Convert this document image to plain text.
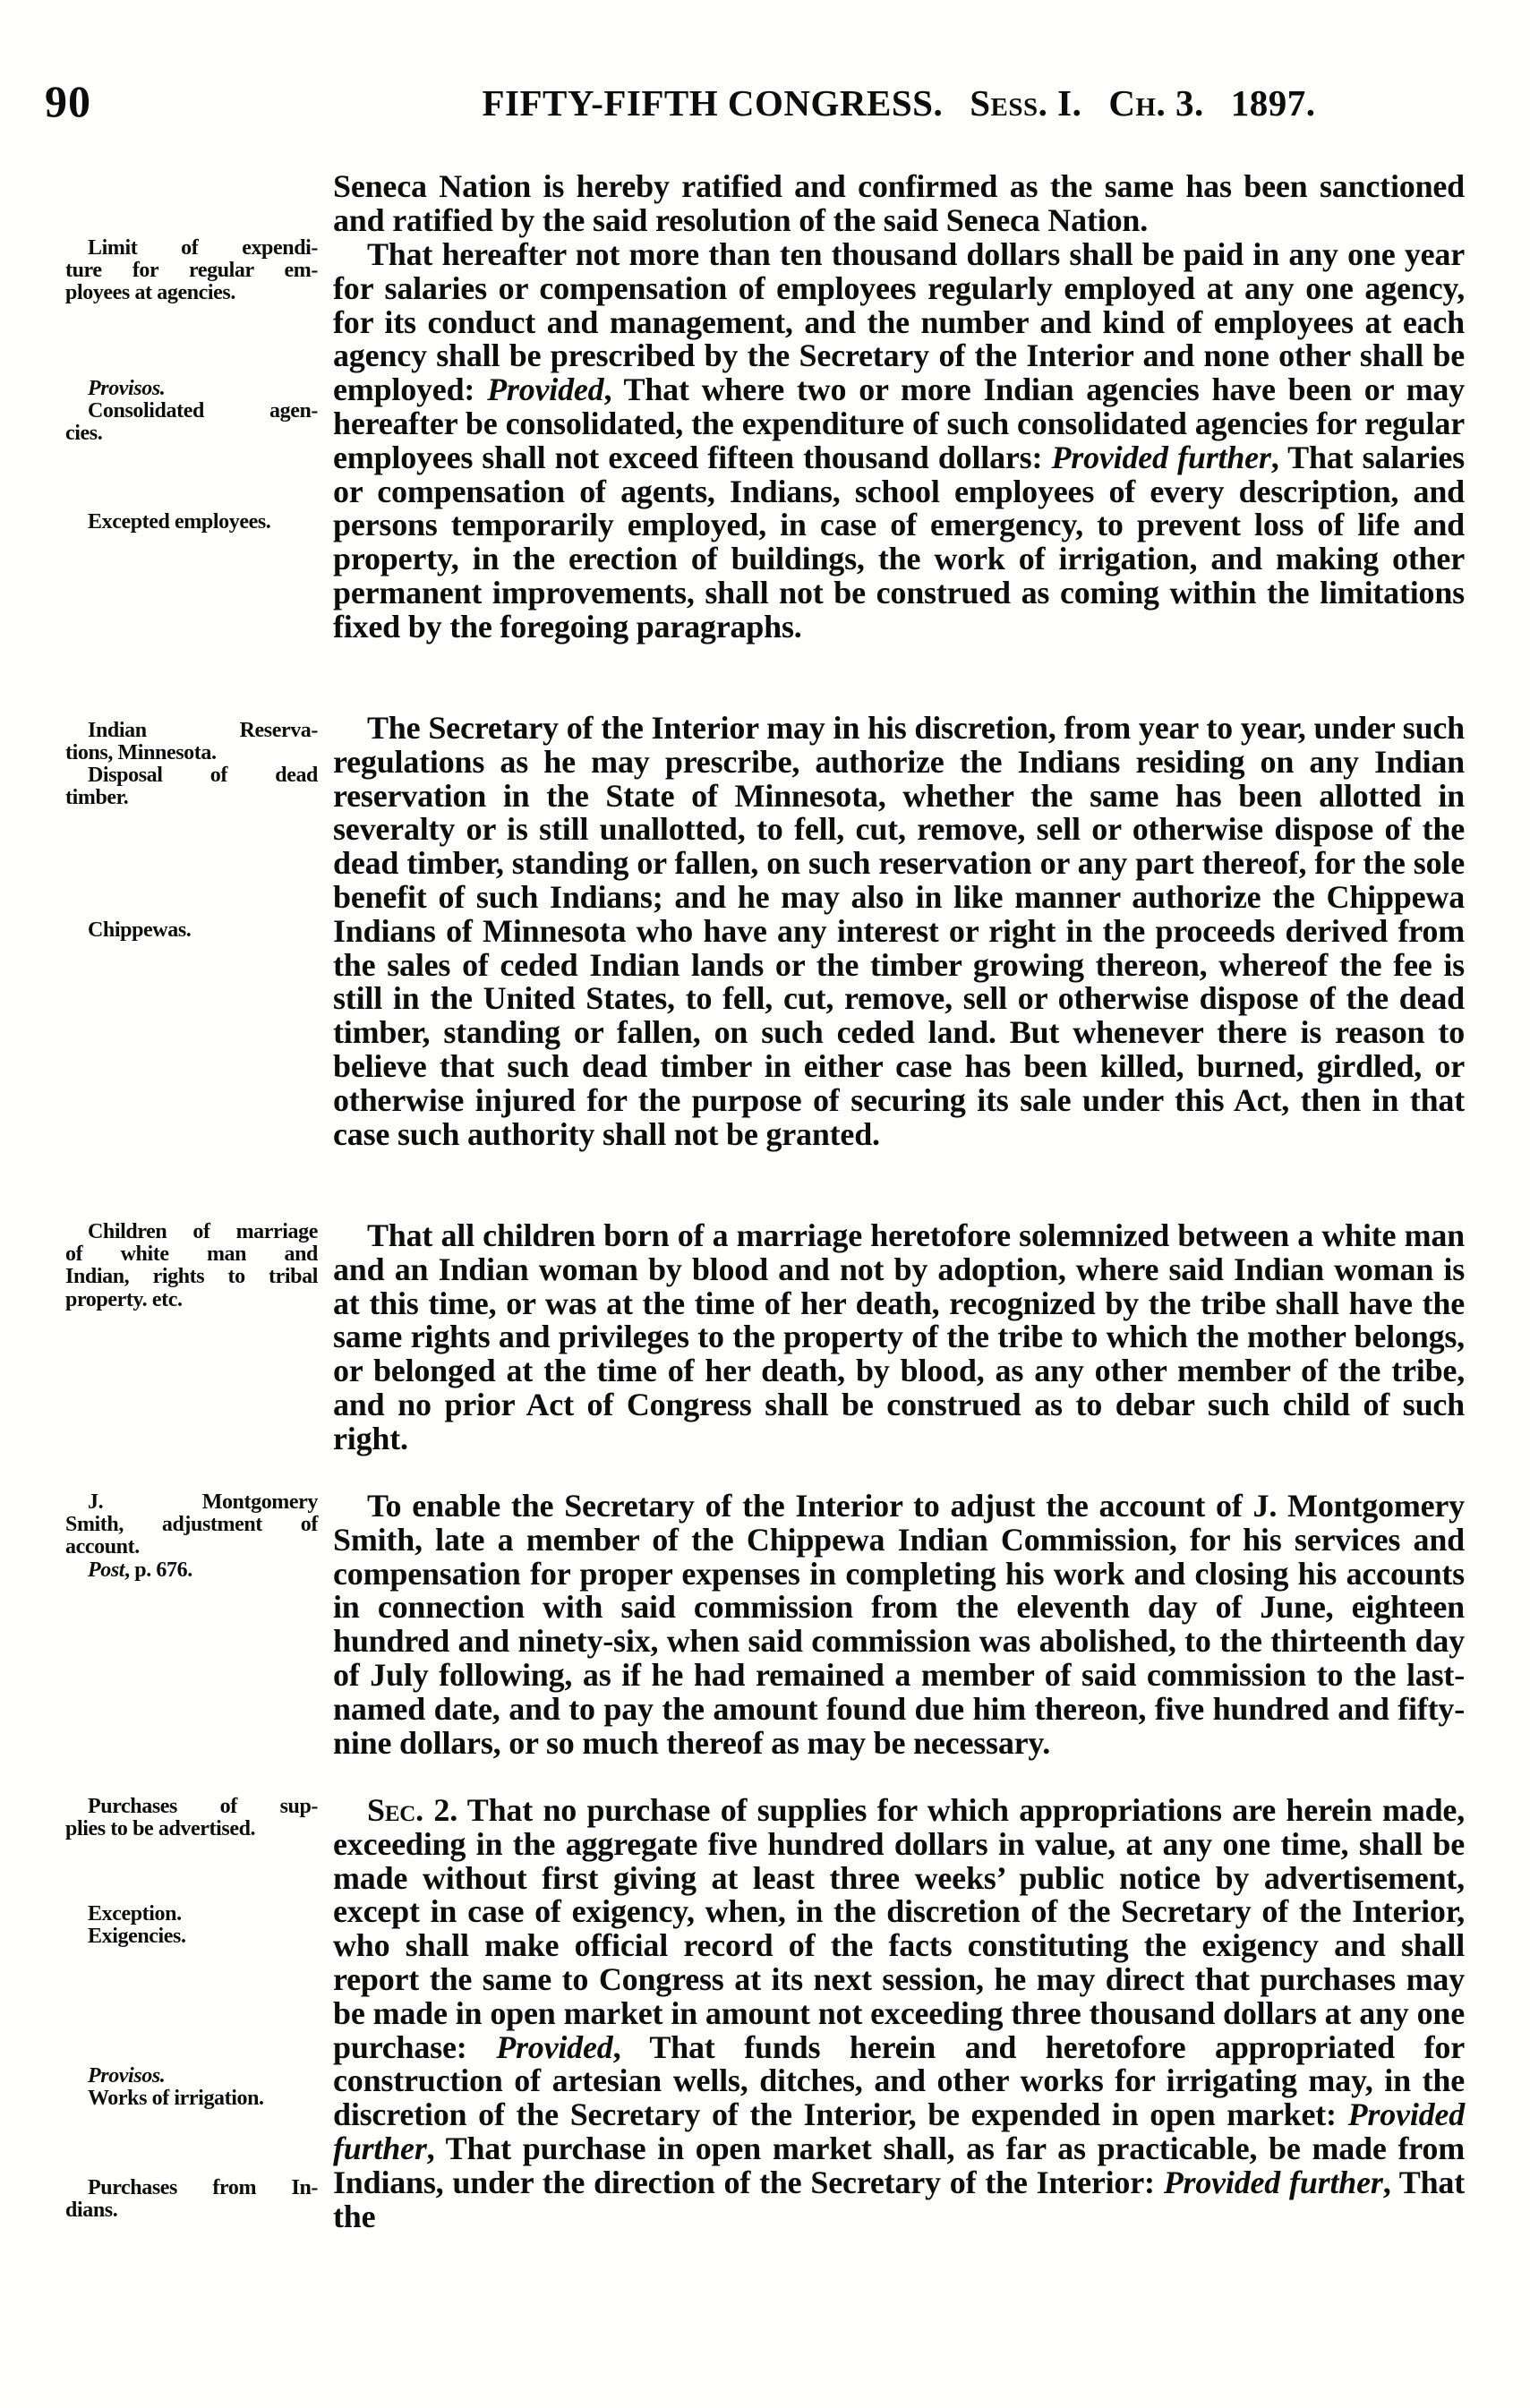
90	FIFTY-FIFTH CONGRESS. Sess. I. Ch. 3. 1897.
Limit of expendi-
ture for regular em-
ployees at agencies.
Provisos.
Consolidated agen-
cies.
Excepted employees.
Indian Reserva-
tions, Minnesota.
Disposal of dead
timber.
Chippewas.
Children of marriage
of white man and
Indian, rights to tribal
property. etc.
J. Montgomery
Smith, adjustment of
account.
Post, p. 676.
Purchases of sup-
plies to be advertised.
Exception.
Exigencies.
Provisos.
Works of irrigation.
Purchases from In-
dians.

Seneca Nation is hereby ratified and confirmed as the same has been sanctioned and ratified by the said resolution of the said Seneca Nation.

That hereafter not more than ten thousand dollars shall be paid in any one year for salaries or compensation of employees regularly employed at any one agency, for its conduct and management, and the number and kind of employees at each agency shall be prescribed by the Secretary of the Interior and none other shall be employed: Provided, That where two or more Indian agencies have been or may hereafter be consolidated, the expenditure of such consolidated agencies for regular employees shall not exceed fifteen thousand dollars: Provided further, That salaries or compensation of agents, Indians, school employees of every description, and persons temporarily employed, in case of emergency, to prevent loss of life and property, in the erection of buildings, the work of irrigation, and making other permanent improvements, shall not be construed as coming within the limitations fixed by the foregoing paragraphs.

The Secretary of the Interior may in his discretion, from year to year, under such regulations as he may prescribe, authorize the Indians residing on any Indian reservation in the State of Minnesota, whether the same has been allotted in severalty or is still unallotted, to fell, cut, remove, sell or otherwise dispose of the dead timber, standing or fallen, on such reservation or any part thereof, for the sole benefit of such Indians; and he may also in like manner authorize the Chippewa Indians of Minnesota who have any interest or right in the proceeds derived from the sales of ceded Indian lands or the timber growing thereon, whereof the fee is still in the United States, to fell, cut, remove, sell or otherwise dispose of the dead timber, standing or fallen, on such ceded land. But whenever there is reason to believe that such dead timber in either case has been killed, burned, girdled, or otherwise injured for the purpose of securing its sale under this Act, then in that case such authority shall not be granted.

That all children born of a marriage heretofore solemnized between a white man and an Indian woman by blood and not by adoption, where said Indian woman is at this time, or was at the time of her death, recognized by the tribe shall have the same rights and privileges to the property of the tribe to which the mother belongs, or belonged at the time of her death, by blood, as any other member of the tribe, and no prior Act of Congress shall be construed as to debar such child of such right.

To enable the Secretary of the Interior to adjust the account of J. Montgomery Smith, late a member of the Chippewa Indian Commission, for his services and compensation for proper expenses in completing his work and closing his accounts in connection with said commission from the eleventh day of June, eighteen hundred and ninety-six, when said commission was abolished, to the thirteenth day of July following, as if he had remained a member of said commission to the last-named date, and to pay the amount found due him thereon, five hundred and fifty-nine dollars, or so much thereof as may be necessary.

Sec. 2. That no purchase of supplies for which appropriations are herein made, exceeding in the aggregate five hundred dollars in value, at any one time, shall be made without first giving at least three weeks’ public notice by advertisement, except in case of exigency, when, in the discretion of the Secretary of the Interior, who shall make official record of the facts constituting the exigency and shall report the same to Congress at its next session, he may direct that purchases may be made in open market in amount not exceeding three thousand dollars at any one purchase: Provided, That funds herein and heretofore appropriated for construction of artesian wells, ditches, and other works for irrigating may, in the discretion of the Secretary of the Interior, be expended in open market: Provided further, That purchase in open market shall, as far as practicable, be made from Indians, under the direction of the Secretary of the Interior: Provided further, That the
